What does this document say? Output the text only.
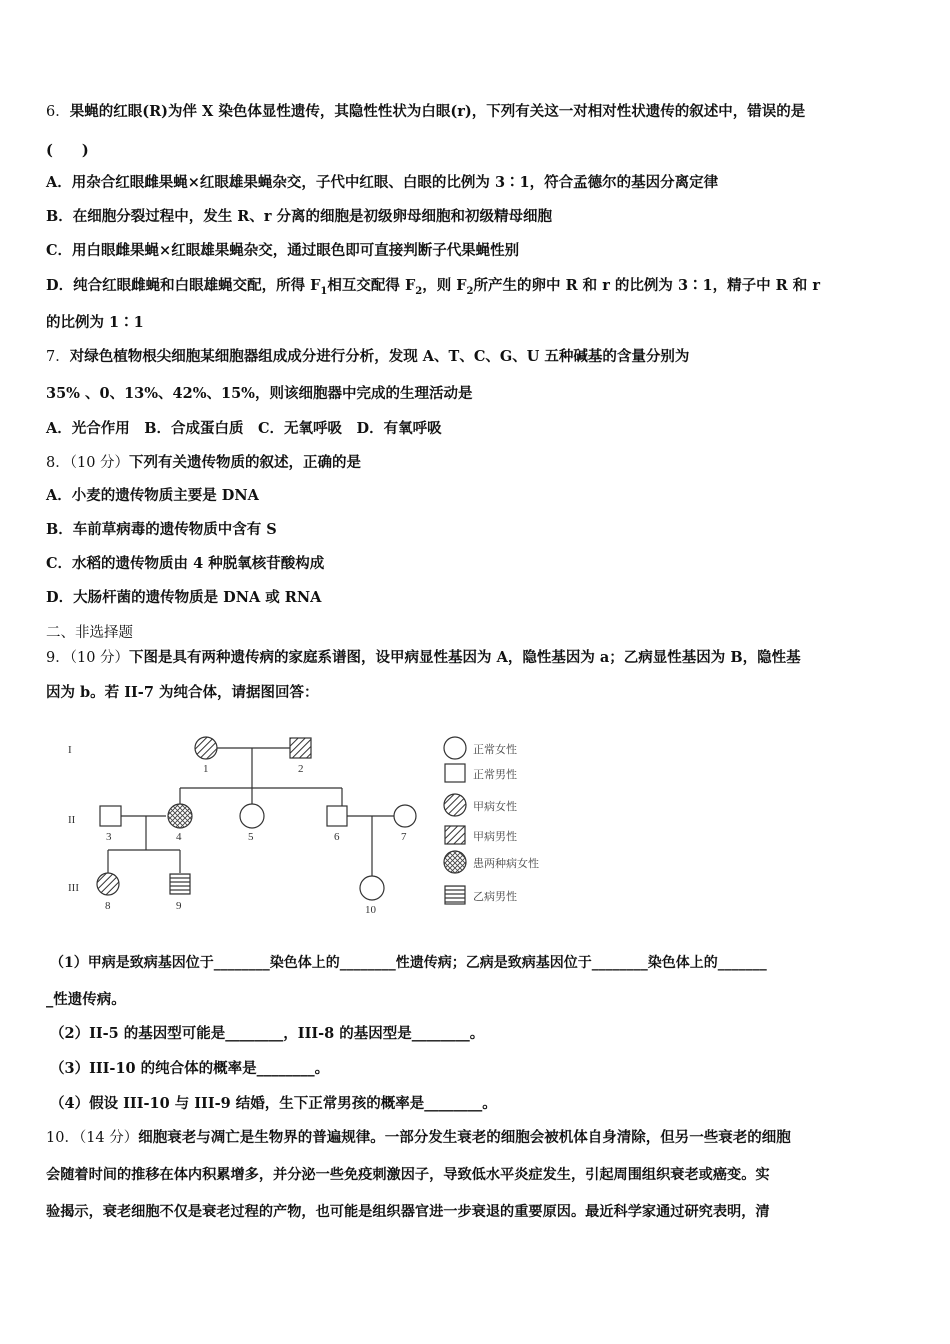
6．果蝇的红眼(R)为伴 X 染色体显性遗传，其隐性性状为白眼(r)，下列有关这一对相对性状遗传的叙述中，错误的是
(　　)
A．用杂合红眼雌果蝇×红眼雄果蝇杂交，子代中红眼、白眼的比例为 3∶1，符合孟德尔的基因分离定律
B．在细胞分裂过程中，发生 R、r 分离的细胞是初级卵母细胞和初级精母细胞
C．用白眼雌果蝇×红眼雄果蝇杂交，通过眼色即可直接判断子代果蝇性别
D．纯合红眼雌蝇和白眼雄蝇交配，所得 $F_1$相互交配得 $F_2$，则 $F_2$所产生的卵中 R 和 r 的比例为 3∶1，精子中 R 和 r
的比例为 1∶1
7．对绿色植物根尖细胞某细胞器组成成分进行分析，发现 A、T、C、G、U 五种碱基的含量分别为
35% 、0、13%、42%、15%，则该细胞器中完成的生理活动是
A．光合作用　B．合成蛋白质　C．无氧呼吸　D．有氧呼吸
8．（10 分）下列有关遗传物质的叙述，正确的是
A．小麦的遗传物质主要是 DNA
B．车前草病毒的遗传物质中含有 S
C．水稻的遗传物质由 4 种脱氧核苷酸构成
D．大肠杆菌的遗传物质是 DNA 或 RNA
二、非选择题
9．（10 分）下图是具有两种遗传病的家庭系谱图，设甲病显性基因为 A，隐性基因为 a；乙病显性基因为 B，隐性基
因为 b。若 II-7 为纯合体，请据图回答：
I
II
III
1	2
3	4	5	6	7
8	9	10
正常女性
正常男性
甲病女性
甲病男性
患两种病女性
乙病男性
（1）甲病是致病基因位于________染色体上的________性遗传病；乙病是致病基因位于________染色体上的_______
_性遗传病。
（2）II-5 的基因型可能是________，III-8 的基因型是________。
（3）III-10 的纯合体的概率是________。
（4）假设 III-10 与 III-9 结婚，生下正常男孩的概率是________。
10．（14 分）细胞衰老与凋亡是生物界的普遍规律。一部分发生衰老的细胞会被机体自身清除，但另一些衰老的细胞
会随着时间的推移在体内积累增多，并分泌一些免疫刺激因子，导致低水平炎症发生，引起周围组织衰老或癌变。实
验揭示，衰老细胞不仅是衰老过程的产物，也可能是组织器官进一步衰退的重要原因。最近科学家通过研究表明，清
